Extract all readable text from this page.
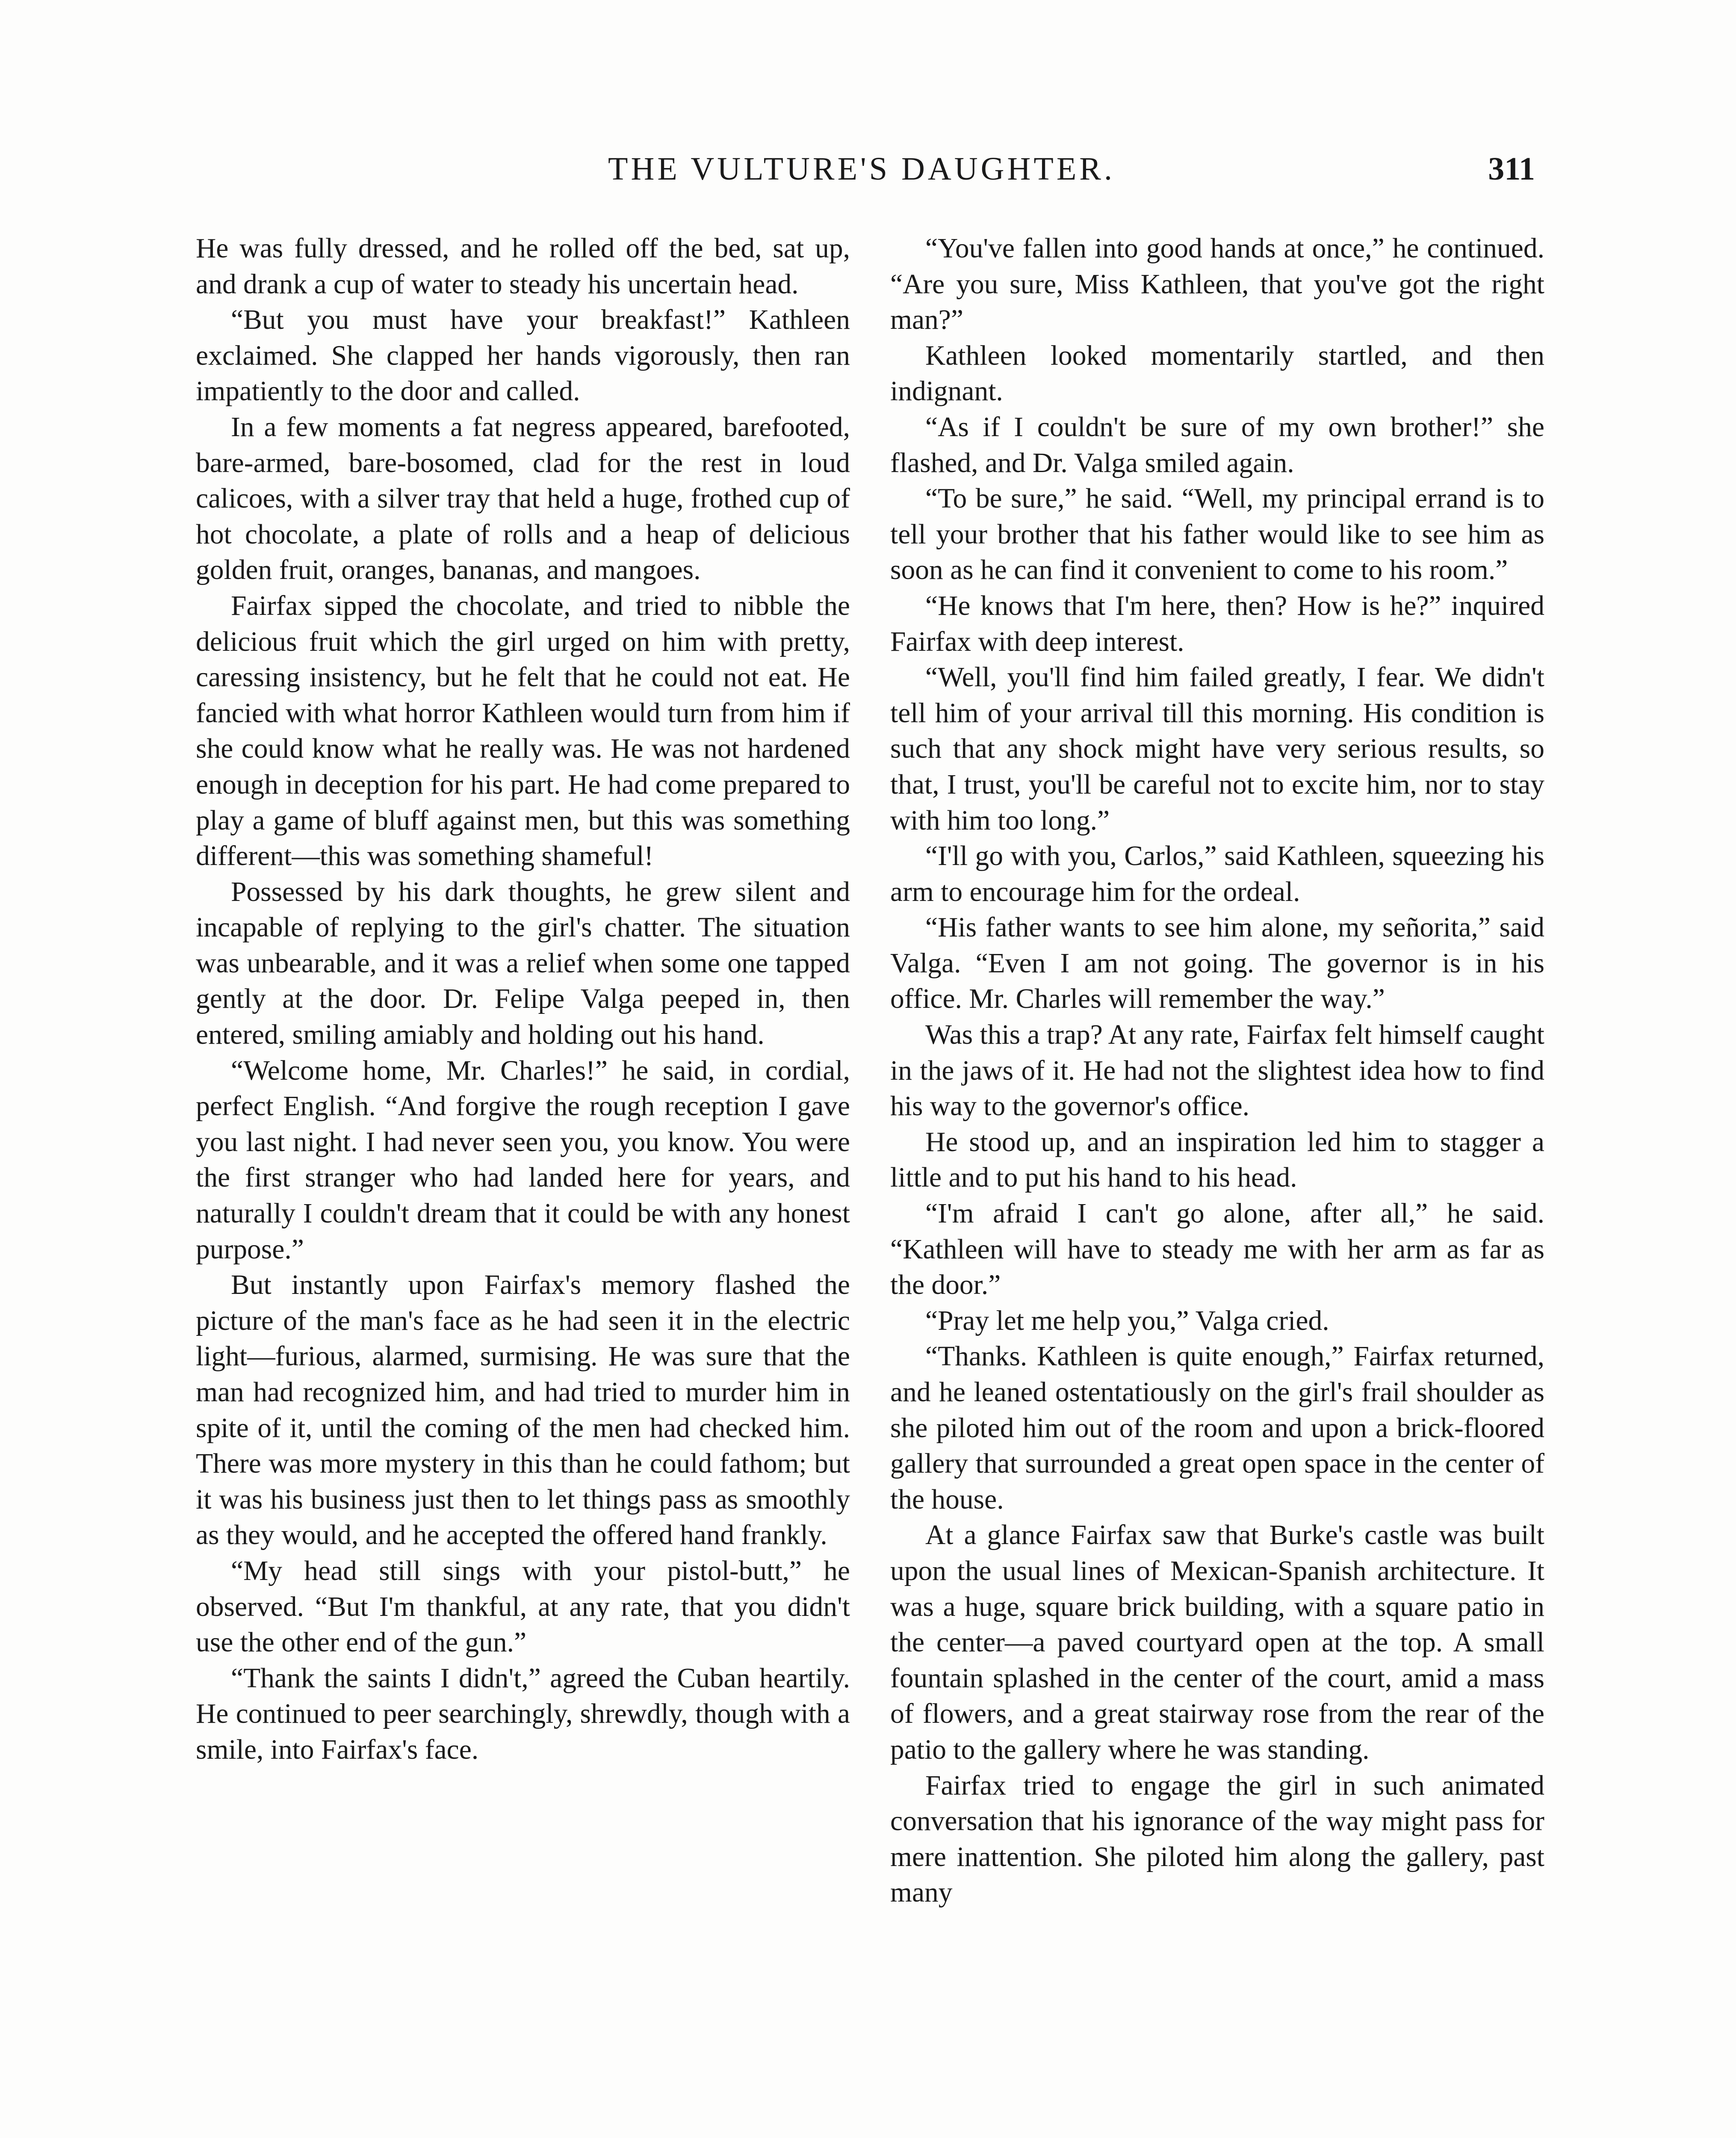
THE VULTURE'S DAUGHTER.	311

He was fully dressed, and he rolled off the bed, sat up, and drank a cup of water to steady his uncertain head.

“But you must have your breakfast!” Kathleen exclaimed. She clapped her hands vigorously, then ran impatiently to the door and called.

In a few moments a fat negress appeared, barefooted, bare-armed, bare-bosomed, clad for the rest in loud calicoes, with a silver tray that held a huge, frothed cup of hot chocolate, a plate of rolls and a heap of delicious golden fruit, oranges, bananas, and mangoes.

Fairfax sipped the chocolate, and tried to nibble the delicious fruit which the girl urged on him with pretty, caressing insistency, but he felt that he could not eat. He fancied with what horror Kathleen would turn from him if she could know what he really was. He was not hardened enough in deception for his part. He had come prepared to play a game of bluff against men, but this was something different—this was something shameful!

Possessed by his dark thoughts, he grew silent and incapable of replying to the girl's chatter. The situation was unbearable, and it was a relief when some one tapped gently at the door. Dr. Felipe Valga peeped in, then entered, smiling amiably and holding out his hand.

“Welcome home, Mr. Charles!” he said, in cordial, perfect English. “And forgive the rough reception I gave you last night. I had never seen you, you know. You were the first stranger who had landed here for years, and naturally I couldn't dream that it could be with any honest purpose.”

But instantly upon Fairfax's memory flashed the picture of the man's face as he had seen it in the electric light—furious, alarmed, surmising. He was sure that the man had recognized him, and had tried to murder him in spite of it, until the coming of the men had checked him. There was more mystery in this than he could fathom; but it was his business just then to let things pass as smoothly as they would, and he accepted the offered hand frankly.

“My head still sings with your pistol-butt,” he observed. “But I'm thankful, at any rate, that you didn't use the other end of the gun.”

“Thank the saints I didn't,” agreed the Cuban heartily. He continued to peer searchingly, shrewdly, though with a smile, into Fairfax's face.

“You've fallen into good hands at once,” he continued. “Are you sure, Miss Kathleen, that you've got the right man?”

Kathleen looked momentarily startled, and then indignant.

“As if I couldn't be sure of my own brother!” she flashed, and Dr. Valga smiled again.

“To be sure,” he said. “Well, my principal errand is to tell your brother that his father would like to see him as soon as he can find it convenient to come to his room.”

“He knows that I'm here, then? How is he?” inquired Fairfax with deep interest.

“Well, you'll find him failed greatly, I fear. We didn't tell him of your arrival till this morning. His condition is such that any shock might have very serious results, so that, I trust, you'll be careful not to excite him, nor to stay with him too long.”

“I'll go with you, Carlos,” said Kathleen, squeezing his arm to encourage him for the ordeal.

“His father wants to see him alone, my señorita,” said Valga. “Even I am not going. The governor is in his office. Mr. Charles will remember the way.”

Was this a trap? At any rate, Fairfax felt himself caught in the jaws of it. He had not the slightest idea how to find his way to the governor's office.

He stood up, and an inspiration led him to stagger a little and to put his hand to his head.

“I'm afraid I can't go alone, after all,” he said. “Kathleen will have to steady me with her arm as far as the door.”

“Pray let me help you,” Valga cried.

“Thanks. Kathleen is quite enough,” Fairfax returned, and he leaned ostentatiously on the girl's frail shoulder as she piloted him out of the room and upon a brick-floored gallery that surrounded a great open space in the center of the house.

At a glance Fairfax saw that Burke's castle was built upon the usual lines of Mexican-Spanish architecture. It was a huge, square brick building, with a square patio in the center—a paved courtyard open at the top. A small fountain splashed in the center of the court, amid a mass of flowers, and a great stairway rose from the rear of the patio to the gallery where he was standing.

Fairfax tried to engage the girl in such animated conversation that his ignorance of the way might pass for mere inattention. She piloted him along the gallery, past many
